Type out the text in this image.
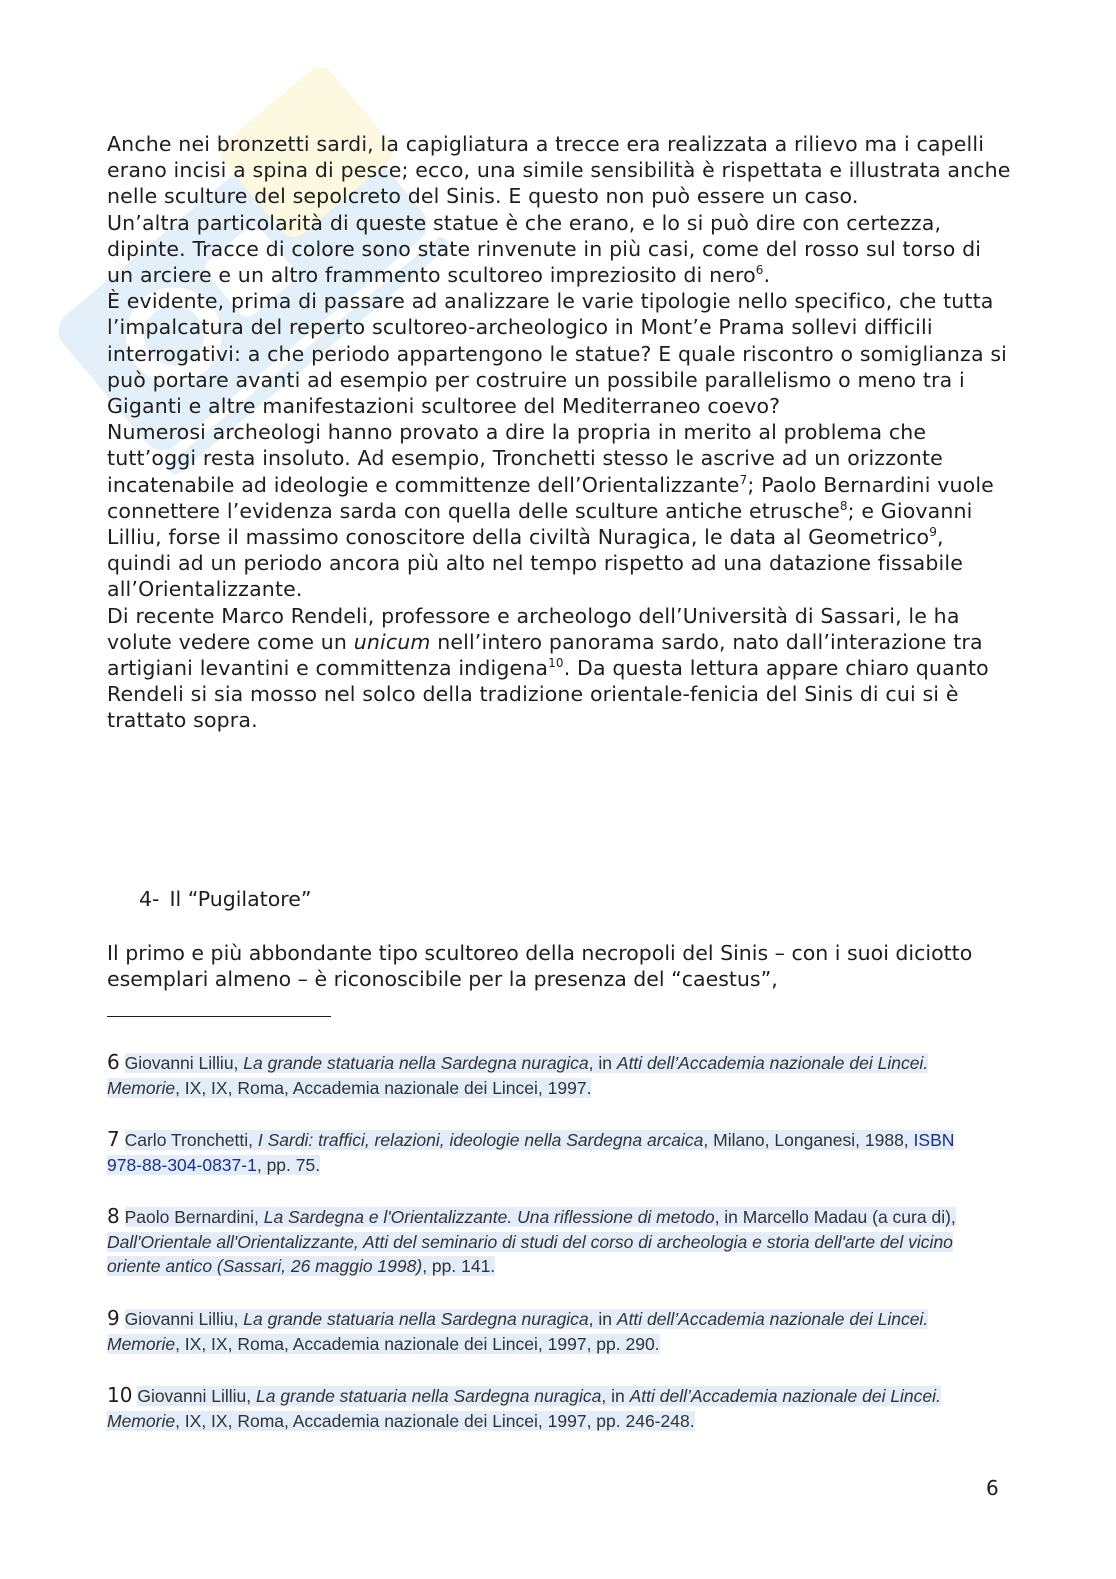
Anche nei bronzetti sardi, la capigliatura a trecce era realizzata a rilievo ma i capelli erano incisi a spina di pesce; ecco, una simile sensibilità è rispettata e illustrata anche nelle sculture del sepolcreto del Sinis. E questo non può essere un caso.

Un’altra particolarità di queste statue è che erano, e lo si può dire con certezza, dipinte. Tracce di colore sono state rinvenute in più casi, come del rosso sul torso di un arciere e un altro frammento scultoreo impreziosito di nero$^6$.

È evidente, prima di passare ad analizzare le varie tipologie nello specifico, che tutta l’impalcatura del reperto scultoreo-archeologico in Mont’e Prama sollevi difficili interrogativi: a che periodo appartengono le statue? E quale riscontro o somiglianza si può portare avanti ad esempio per costruire un possibile parallelismo o meno tra i Giganti e altre manifestazioni scultoree del Mediterraneo coevo?

Numerosi archeologi hanno provato a dire la propria in merito al problema che tutt’oggi resta insoluto. Ad esempio, Tronchetti stesso le ascrive ad un orizzonte incatenabile ad ideologie e committenze dell’Orientalizzante$^7$; Paolo Bernardini vuole connettere l’evidenza sarda con quella delle sculture antiche etrusche$^8$; e Giovanni Lilliu, forse il massimo conoscitore della civiltà Nuragica, le data al Geometrico$^9$, quindi ad un periodo ancora più alto nel tempo rispetto ad una datazione fissabile all’Orientalizzante.

Di recente Marco Rendeli, professore e archeologo dell’Università di Sassari, le ha volute vedere come un unicum nell’intero panorama sardo, nato dall’interazione tra artigiani levantini e committenza indigena$^{10}$. Da questa lettura appare chiaro quanto Rendeli si sia mosso nel solco della tradizione orientale-fenicia del Sinis di cui si è trattato sopra.

4- Il “Pugilatore”
Il primo e più abbondante tipo scultoreo della necropoli del Sinis – con i suoi diciotto esemplari almeno – è riconoscibile per la presenza del “caestus”,
6 Giovanni Lilliu, La grande statuaria nella Sardegna nuragica, in Atti dell’Accademia nazionale dei Lincei. Memorie, IX, IX, Roma, Accademia nazionale dei Lincei, 1997.
7 Carlo Tronchetti, I Sardi: traffici, relazioni, ideologie nella Sardegna arcaica, Milano, Longanesi, 1988, ISBN 978-88-304-0837-1, pp. 75.
8 Paolo Bernardini, La Sardegna e l'Orientalizzante. Una riflessione di metodo, in Marcello Madau (a cura di), Dall'Orientale all'Orientalizzante, Atti del seminario di studi del corso di archeologia e storia dell'arte del vicino oriente antico (Sassari, 26 maggio 1998), pp. 141.
9 Giovanni Lilliu, La grande statuaria nella Sardegna nuragica, in Atti dell’Accademia nazionale dei Lincei. Memorie, IX, IX, Roma, Accademia nazionale dei Lincei, 1997, pp. 290.
10 Giovanni Lilliu, La grande statuaria nella Sardegna nuragica, in Atti dell’Accademia nazionale dei Lincei. Memorie, IX, IX, Roma, Accademia nazionale dei Lincei, 1997, pp. 246-248.
6
